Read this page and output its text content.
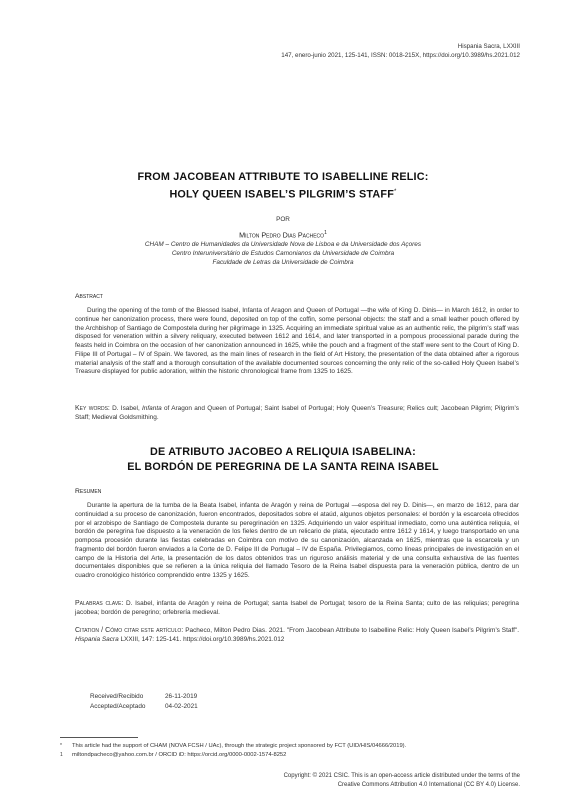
Hispania Sacra, LXXIII
147, enero-junio 2021, 125-141, ISSN: 0018-215X, https://doi.org/10.3989/hs.2021.012
FROM JACOBEAN ATTRIBUTE TO ISABELLINE RELIC:
HOLY QUEEN ISABEL’S PILGRIM’S STAFF*
POR
Milton Pedro Dias Pacheco$^1$
CHAM – Centro de Humanidades da Universidade Nova de Lisboa e da Universidade dos Açores
Centro Interuniversitário de Estudos Camonianos da Universidade de Coimbra
Faculdade de Letras da Universidade de Coimbra
Abstract
During the opening of the tomb of the Blessed Isabel, Infanta of Aragon and Queen of Portugal —the wife of King D. Dinis— in March 1612, in order to continue her canonization process, there were found, deposited on top of the coffin, some personal objects: the staff and a small leather pouch offered by the Archbishop of Santiago de Compostela during her pilgrimage in 1325. Acquiring an immediate spiritual value as an authentic relic, the pilgrim’s staff was disposed for veneration within a silvery reliquary, executed between 1612 and 1614, and later transported in a pompous processional parade during the feasts held in Coimbra on the occasion of her canonization announced in 1625, while the pouch and a fragment of the staff were sent to the Court of King D. Filipe III of Portugal – IV of Spain. We favored, as the main lines of research in the field of Art History, the presentation of the data obtained after a rigorous material analysis of the staff and a thorough consultation of the available documented sources concerning the only relic of the so-called Holy Queen Isabel’s Treasure displayed for public adoration, within the historic chronological frame from 1325 to 1625.
Key words: D. Isabel, Infanta of Aragon and Queen of Portugal; Saint Isabel of Portugal; Holy Queen’s Treasure; Relics cult; Jacobean Pilgrim; Pilgrim’s Staff; Medieval Goldsmithing.
DE ATRIBUTO JACOBEO A RELIQUIA ISABELINA:
EL BORDÓN DE PEREGRINA DE LA SANTA REINA ISABEL
Resumen
Durante la apertura de la tumba de la Beata Isabel, infanta de Aragón y reina de Portugal —esposa del rey D. Dinis—, en marzo de 1612, para dar continuidad a su proceso de canonización, fueron encontrados, depositados sobre el ataúd, algunos objetos personales: el bordón y la escarcela ofrecidos por el arzobispo de Santiago de Compostela durante su peregrinación en 1325. Adquiriendo un valor espiritual inmediato, como una auténtica reliquia, el bordón de peregrina fue dispuesto a la veneración de los fieles dentro de un relicario de plata, ejecutado entre 1612 y 1614, y luego transportado en una pomposa procesión durante las fiestas celebradas en Coimbra con motivo de su canonización, alcanzada en 1625, mientras que la escarcela y un fragmento del bordón fueron enviados a la Corte de D. Felipe III de Portugal – IV de España. Privilegiamos, como líneas principales de investigación en el campo de la Historia del Arte, la presentación de los datos obtenidos tras un riguroso análisis material y de una consulta exhaustiva de las fuentes documentales disponibles que se refieren a la única reliquia del llamado Tesoro de la Reina Isabel dispuesta para la veneración pública, dentro de un cuadro cronológico histórico comprendido entre 1325 y 1625.
Palabras clave: D. Isabel, infanta de Aragón y reina de Portugal; santa Isabel de Portugal; tesoro de la Reina Santa; culto de las reliquias; peregrina jacobea; bordón de peregrino; orfebrería medieval.
Citation / Cómo citar este artículo: Pacheco, Milton Pedro Dias. 2021. "From Jacobean Attribute to Isabelline Relic: Holy Queen Isabel’s Pilgrim’s Staff". Hispania Sacra LXXIII, 147: 125-141. https://doi.org/10.3989/hs.2021.012
Received/Recibido	26-11-2019
Accepted/Aceptado	04-02-2021
* This article had the support of CHAM (NOVA FCSH / UAc), through the strategic project sponsored by FCT (UID/HIS/04666/2019).
1 miltondpacheco@yahoo.com.br / ORCID iD: https://orcid.org/0000-0002-1574-8252
Copyright: © 2021 CSIC. This is an open-access article distributed under the terms of the
Creative Commons Attribution 4.0 International (CC BY 4.0) License.
